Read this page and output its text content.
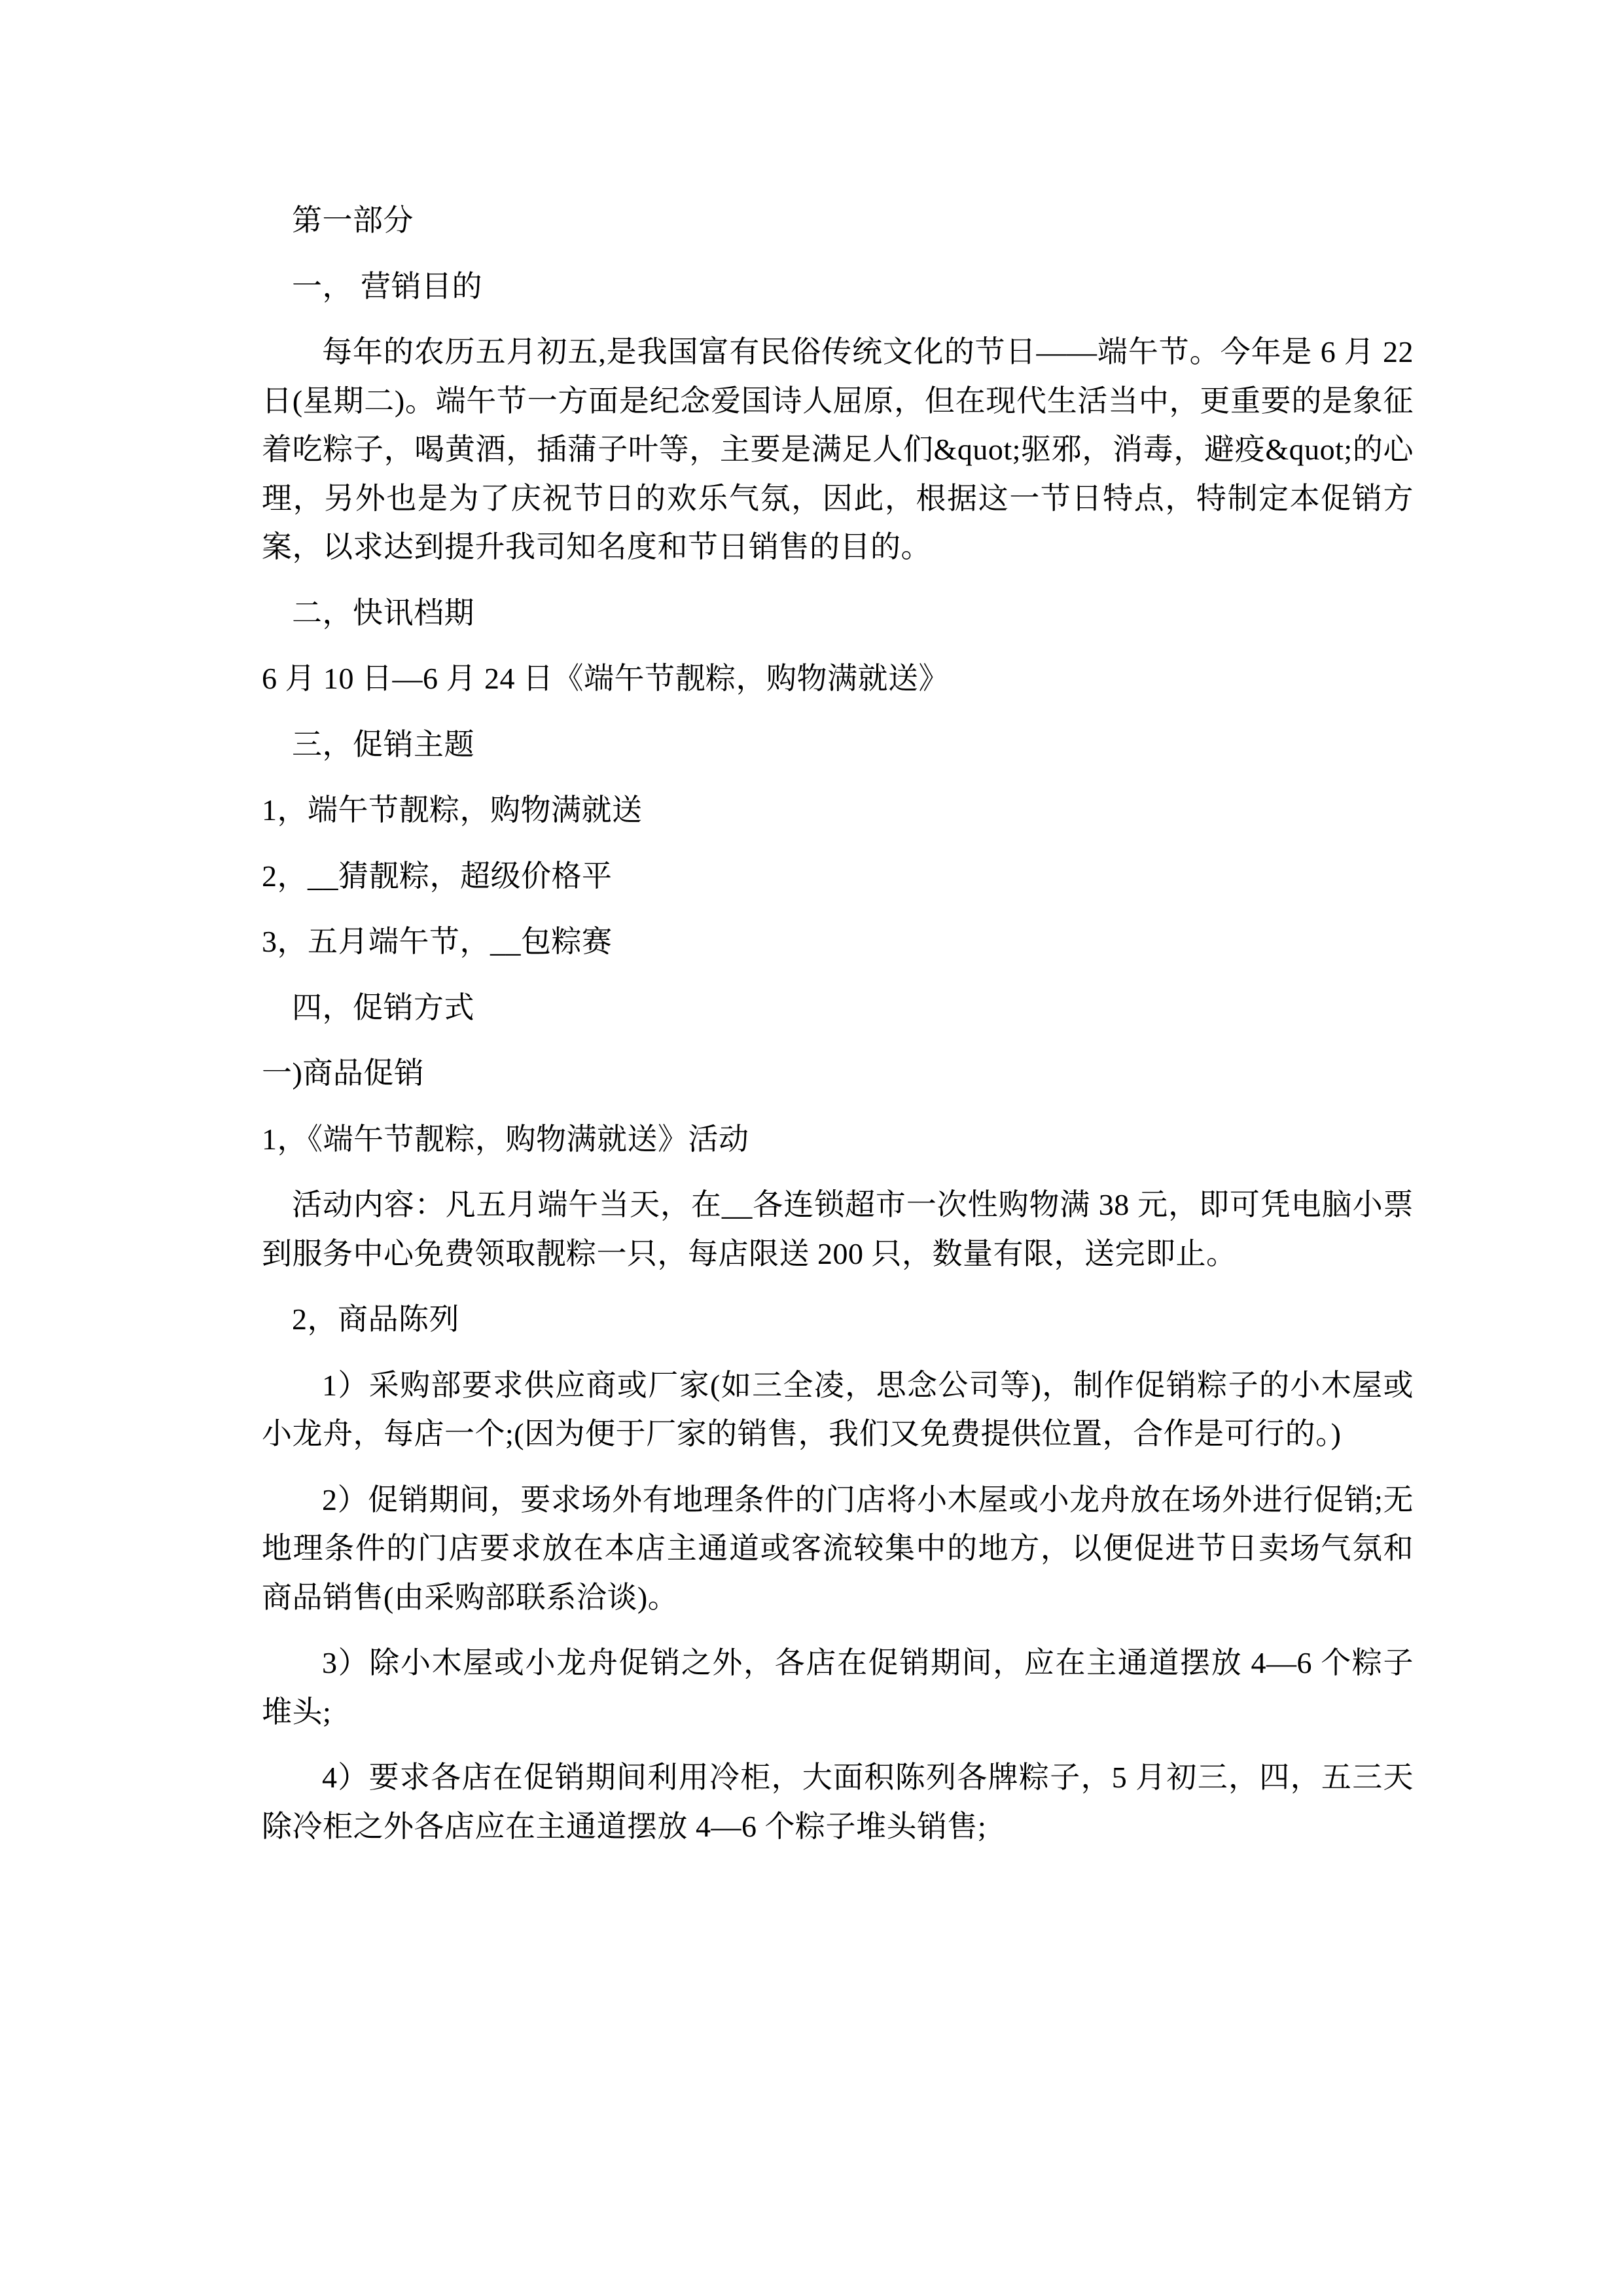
第一部分

一， 营销目的

每年的农历五月初五,是我国富有民俗传统文化的节日——端午节。今年是 6 月 22 日(星期二)。端午节一方面是纪念爱国诗人屈原，但在现代生活当中，更重要的是象征着吃粽子，喝黄酒，插蒲子叶等，主要是满足人们&quot;驱邪，消毒，避疫&quot;的心理，另外也是为了庆祝节日的欢乐气氛，因此，根据这一节日特点，特制定本促销方案，以求达到提升我司知名度和节日销售的目的。

二，快讯档期

6 月 10 日—6 月 24 日《端午节靓粽，购物满就送》

三，促销主题

1，端午节靓粽，购物满就送

2，__猜靓粽，超级价格平

3，五月端午节，__包粽赛

四，促销方式

一)商品促销

1，《端午节靓粽，购物满就送》活动

活动内容：凡五月端午当天，在__各连锁超市一次性购物满 38 元，即可凭电脑小票到服务中心免费领取靓粽一只，每店限送 200 只，数量有限，送完即止。

2，商品陈列

1）采购部要求供应商或厂家(如三全凌，思念公司等)，制作促销粽子的小木屋或小龙舟，每店一个;(因为便于厂家的销售，我们又免费提供位置，合作是可行的。)

2）促销期间，要求场外有地理条件的门店将小木屋或小龙舟放在场外进行促销;无地理条件的门店要求放在本店主通道或客流较集中的地方，以便促进节日卖场气氛和商品销售(由采购部联系洽谈)。

3）除小木屋或小龙舟促销之外，各店在促销期间，应在主通道摆放 4—6 个粽子堆头;

4）要求各店在促销期间利用冷柜，大面积陈列各牌粽子，5 月初三，四，五三天除冷柜之外各店应在主通道摆放 4—6 个粽子堆头销售;
